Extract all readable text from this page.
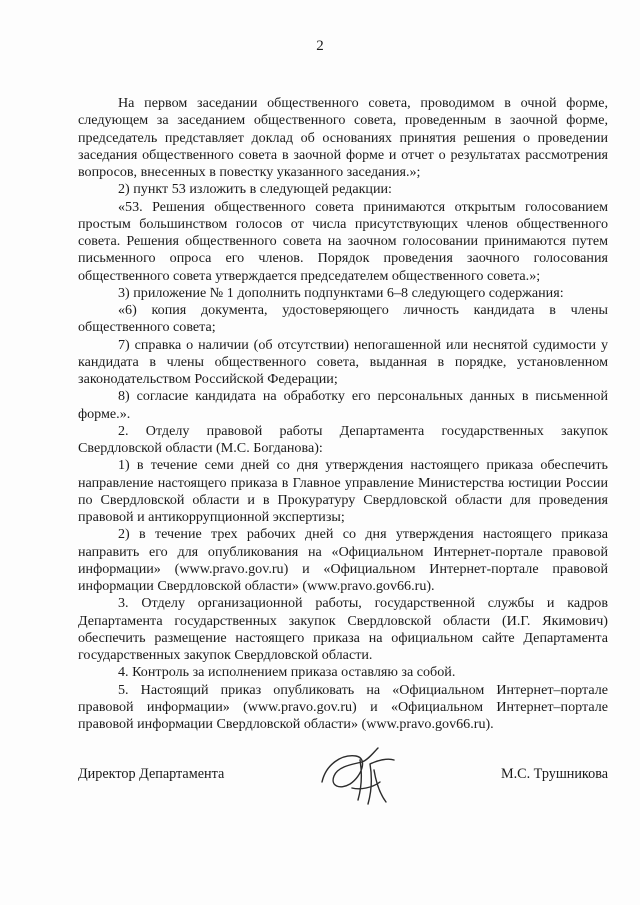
2

На первом заседании общественного совета, проводимом в очной форме, следующем за заседанием общественного совета, проведенным в заочной форме, председатель представляет доклад об основаниях принятия решения о проведении заседания общественного совета в заочной форме и отчет о результатах рассмотрения вопросов, внесенных в повестку указанного заседания.»;

2) пункт 53 изложить в следующей редакции:

«53. Решения общественного совета принимаются открытым голосованием простым большинством голосов от числа присутствующих членов общественного совета. Решения общественного совета на заочном голосовании принимаются путем письменного опроса его членов. Порядок проведения заочного голосования общественного совета утверждается председателем общественного совета.»;

3) приложение № 1 дополнить подпунктами 6–8 следующего содержания:

«6) копия документа, удостоверяющего личность кандидата в члены общественного совета;

7) справка о наличии (об отсутствии) непогашенной или неснятой судимости у кандидата в члены общественного совета, выданная в порядке, установленном законодательством Российской Федерации;

8) согласие кандидата на обработку его персональных данных в письменной форме.».

2. Отделу правовой работы Департамента государственных закупок Свердловской области (М.С. Богданова):

1) в течение семи дней со дня утверждения настоящего приказа обеспечить направление настоящего приказа в Главное управление Министерства юстиции России по Свердловской области и в Прокуратуру Свердловской области для проведения правовой и антикоррупционной экспертизы;

2) в течение трех рабочих дней со дня утверждения настоящего приказа направить его для опубликования на «Официальном Интернет-портале правовой информации» (www.pravo.gov.ru) и «Официальном Интернет-портале правовой информации Свердловской области» (www.pravo.gov66.ru).

3. Отделу организационной работы, государственной службы и кадров Департамента государственных закупок Свердловской области (И.Г. Якимович) обеспечить размещение настоящего приказа на официальном сайте Департамента государственных закупок Свердловской области.

4. Контроль за исполнением приказа оставляю за собой.

5. Настоящий приказ опубликовать на «Официальном Интернет–портале правовой информации» (www.pravo.gov.ru) и «Официальном Интернет–портале правовой информации Свердловской области» (www.pravo.gov66.ru).

Директор Департамента	М.С. Трушникова
